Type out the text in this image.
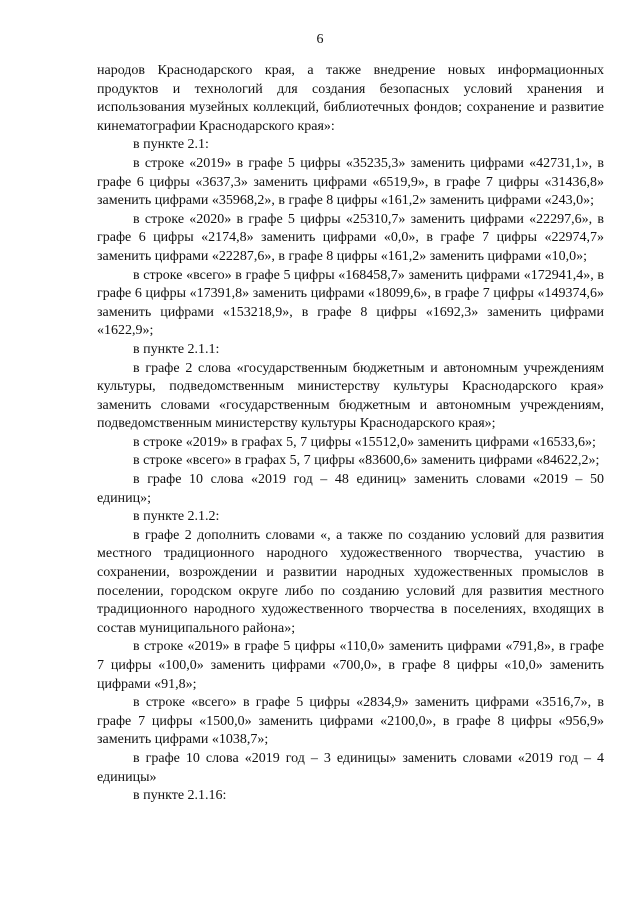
6

народов Краснодарского края, а также внедрение новых информационных продуктов и технологий для создания безопасных условий хранения и использования музейных коллекций, библиотечных фондов; сохранение и развитие кинематографии Краснодарского края»:

в пункте 2.1:

в строке «2019» в графе 5 цифры «35235,3» заменить цифрами «42731,1», в графе 6 цифры «3637,3» заменить цифрами «6519,9», в графе 7 цифры «31436,8» заменить цифрами «35968,2», в графе 8 цифры «161,2» заменить цифрами «243,0»;

в строке «2020» в графе 5 цифры «25310,7» заменить цифрами «22297,6», в графе 6 цифры «2174,8» заменить цифрами «0,0», в графе 7 цифры «22974,7» заменить цифрами «22287,6», в графе 8 цифры «161,2» заменить цифрами «10,0»;

в строке «всего» в графе 5 цифры «168458,7» заменить цифрами «172941,4», в графе 6 цифры «17391,8» заменить цифрами «18099,6», в графе 7 цифры «149374,6» заменить цифрами «153218,9», в графе 8 цифры «1692,3» заменить цифрами «1622,9»;

в пункте 2.1.1:

в графе 2 слова «государственным бюджетным и автономным учреждениям культуры, подведомственным министерству культуры Краснодарского края» заменить словами «государственным бюджетным и автономным учреждениям, подведомственным министерству культуры Краснодарского края»;

в строке «2019» в графах 5, 7 цифры «15512,0» заменить цифрами «16533,6»;

в строке «всего» в графах 5, 7 цифры «83600,6» заменить цифрами «84622,2»;

в графе 10 слова «2019 год – 48 единиц» заменить словами «2019 – 50 единиц»;

в пункте 2.1.2:

в графе 2 дополнить словами «, а также по созданию условий для развития местного традиционного народного художественного творчества, участию в сохранении, возрождении и развитии народных художественных промыслов в поселении, городском округе либо по созданию условий для развития местного традиционного народного художественного творчества в поселениях, входящих в состав муниципального района»;

в строке «2019» в графе 5 цифры «110,0» заменить цифрами «791,8», в графе 7 цифры «100,0» заменить цифрами «700,0», в графе 8 цифры «10,0» заменить цифрами «91,8»;

в строке «всего» в графе 5 цифры «2834,9» заменить цифрами «3516,7», в графе 7 цифры «1500,0» заменить цифрами «2100,0», в графе 8 цифры «956,9» заменить цифрами «1038,7»;

в графе 10 слова «2019 год – 3 единицы» заменить словами «2019 год – 4 единицы»

в пункте 2.1.16:
